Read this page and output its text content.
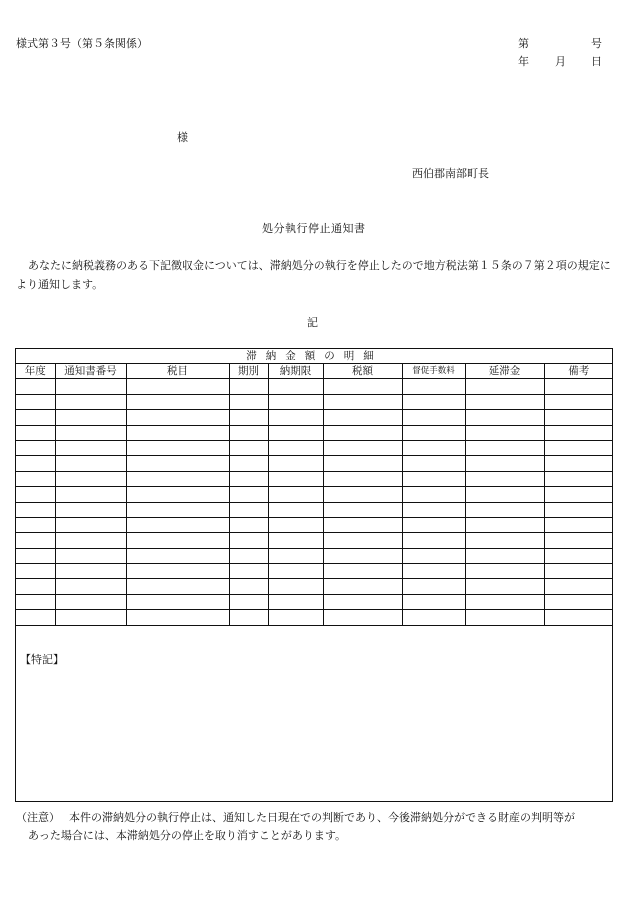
様式第３号（第５条関係）	第	号
年 月 日
様
西伯郡南部町長
処分執行停止通知書
あなたに納税義務のある下記徴収金については、滞納処分の執行を停止したので地方税法第１５条の７第２項の規定により通知します。
記
滞納金額の明細								
年度	通知書番号	税目	期別	納期限	税額	督促手数料	延滞金	備考

【特記】
（注意）　 本件の滞納処分の執行停止は、通知した日現在での判断であり、今後滞納処分ができる財産の判明等が
あった場合には、本滞納処分の停止を取り消すことがあります。
